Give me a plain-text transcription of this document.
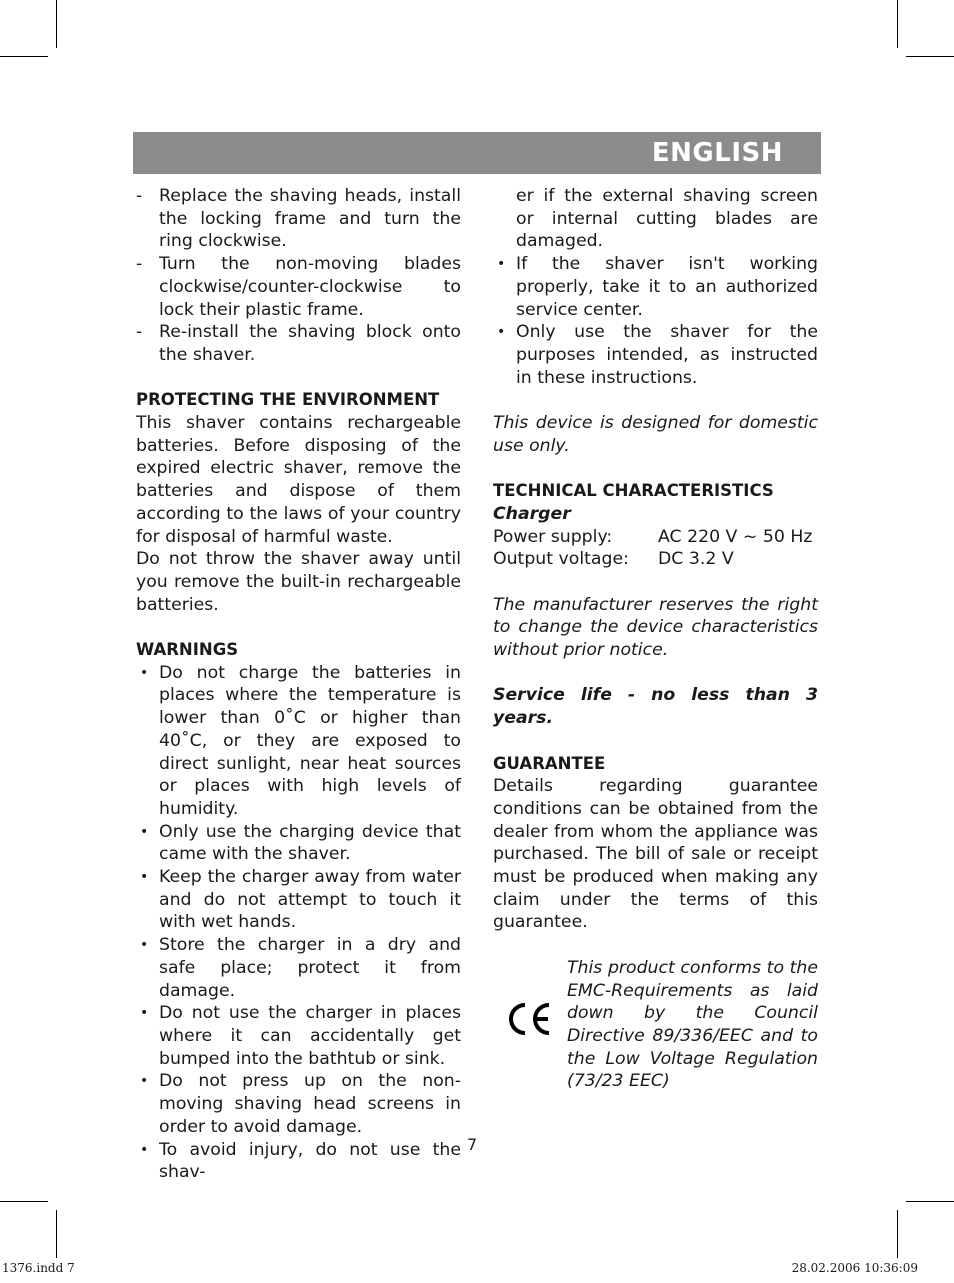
ENGLISH
- Replace the shaving heads, install the locking frame and turn the ring clockwise.
- Turn the non-moving blades clockwise/counter-clockwise to lock their plastic frame.
- Re-install the shaving block onto the shaver.

PROTECTING THE ENVIRONMENT

This shaver contains rechargeable batteries. Before disposing of the expired electric shaver, remove the batteries and dispose of them according to the laws of your country for disposal of harmful waste.

Do not throw the shaver away until you remove the built-in rechargeable batteries.

WARNINGS

• Do not charge the batteries in places where the temperature is lower than 0˚C or higher than 40˚C, or they are exposed to direct sunlight, near heat sources or places with high levels of humidity.
• Only use the charging device that came with the shaver.
• Keep the charger away from water and do not attempt to touch it with wet hands.
• Store the charger in a dry and safe place; protect it from damage.
• Do not use the charger in places where it can accidentally get bumped into the bathtub or sink.
• Do not press up on the non-moving shaving head screens in order to avoid damage.
• To avoid injury, do not use the shav-

er if the external shaving screen or internal cutting blades are damaged.

• If the shaver isn't working properly, take it to an authorized service center.
• Only use the shaver for the purposes intended, as instructed in these instructions.

This device is designed for domestic use only.

TECHNICAL CHARACTERISTICS

Charger

Power supply:	AC 220 V ~ 50 Hz
Output voltage:	DC 3.2 V

The manufacturer reserves the right to change the device characteristics without prior notice.

Service life - no less than 3 years.

GUARANTEE

Details regarding guarantee conditions can be obtained from the dealer from whom the appliance was purchased. The bill of sale or receipt must be produced when making any claim under the terms of this guarantee.

This product conforms to the EMC-Requirements as laid down by the Council Directive 89/336/EEC and to the Low Voltage Regulation (73/23 EEC)

7
1376.indd 7	28.02.2006 10:36:09
